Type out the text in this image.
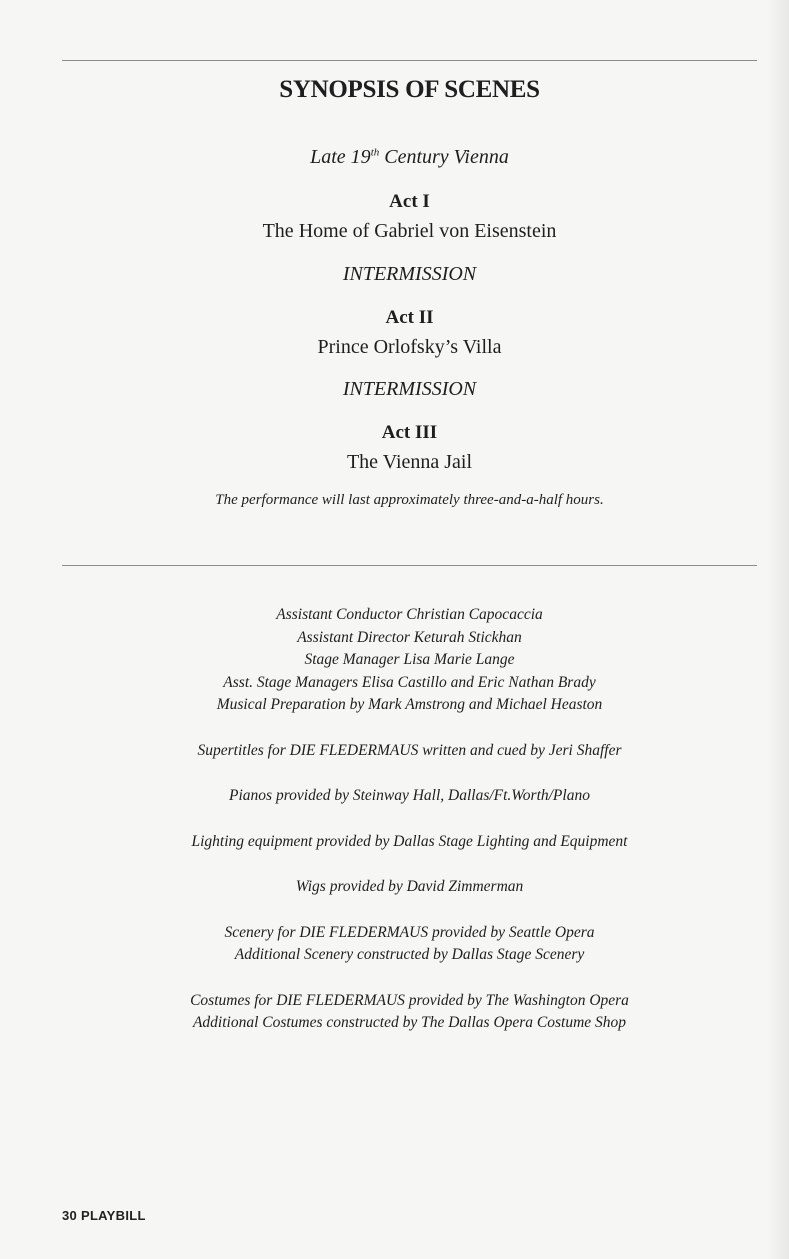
SYNOPSIS OF SCENES
Late 19th Century Vienna
Act I
The Home of Gabriel von Eisenstein
INTERMISSION
Act II
Prince Orlofsky’s Villa
INTERMISSION
Act III
The Vienna Jail
The performance will last approximately three-and-a-half hours.
Assistant Conductor Christian Capocaccia
Assistant Director Keturah Stickhan
Stage Manager Lisa Marie Lange
Asst. Stage Managers Elisa Castillo and Eric Nathan Brady
Musical Preparation by Mark Amstrong and Michael Heaston
Supertitles for DIE FLEDERMAUS written and cued by Jeri Shaffer
Pianos provided by Steinway Hall, Dallas/Ft.Worth/Plano
Lighting equipment provided by Dallas Stage Lighting and Equipment
Wigs provided by David Zimmerman
Scenery for DIE FLEDERMAUS provided by Seattle Opera
Additional Scenery constructed by Dallas Stage Scenery
Costumes for DIE FLEDERMAUS provided by The Washington Opera
Additional Costumes constructed by The Dallas Opera Costume Shop
30 PLAYBILL
